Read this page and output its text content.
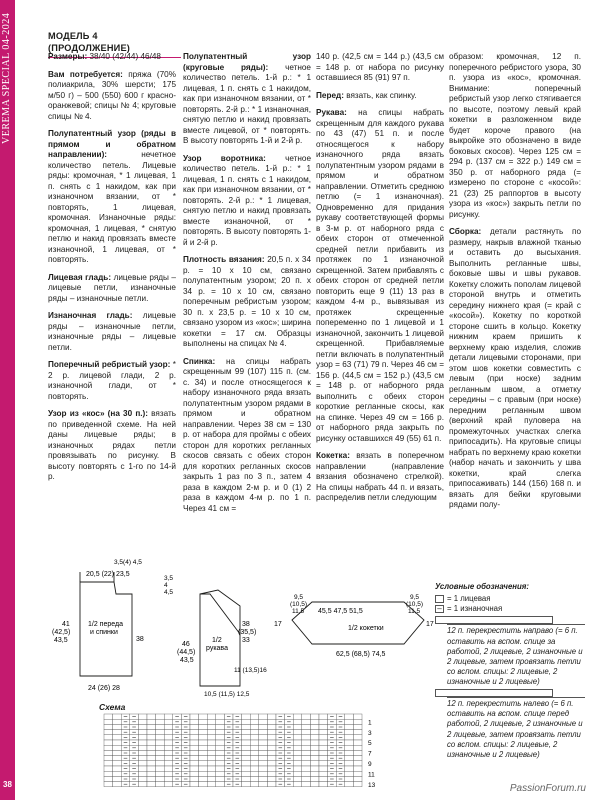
VEREMA SPECIAL 04-2024
38
МОДЕЛЬ 4 (ПРОДОЛЖЕНИЕ)

Размеры: 38/40 (42/44) 46/48

Вам потребуется: пряжа (70% полиакрила, 30% шерсти; 175 м/50 г) – 500 (550) 600 г красно-оранжевой; спицы № 4; круговые спицы № 4.

Полупатентный узор (ряды в прямом и обратном направлении): нечетное количество петель. Лицевые ряды: кромочная, * 1 лицевая, 1 п. снять с 1 накидом, как при изнаночном вязании, от * повторять, 1 лицевая, кромочная. Изнаночные ряды: кромочная, 1 лицевая, * снятую петлю и накид провязать вместе изнаночной, 1 лицевая, от * повторять.

Лицевая гладь: лицевые ряды – лицевые петли, изнаночные ряды – изнаночные петли.

Изнаночная гладь: лицевые ряды – изнаночные петли, изнаночные ряды – лицевые петли.

Поперечный ребристый узор: * 2 р. лицевой глади, 2 р. изнаночной глади, от * повторять.

Узор из «кос» (на 30 п.): вязать по приведенной схеме. На ней даны лицевые ряды; в изнаночных рядах петли провязывать по рисунку. В высоту повторять с 1-го по 14-й р.

Полупатентный узор (круговые ряды): четное количество петель. 1-й р.: * 1 лицевая, 1 п. снять с 1 накидом, как при изнаночном вязании, от * повторять. 2-й р.: * 1 изнаночная, снятую петлю и накид провязать вместе лицевой, от * повторять. В высоту повторять 1-й и 2-й р.

Узор воротника: четное количество петель. 1-й р.: * 1 лицевая, 1 п. снять с 1 накидом, как при изнаночном вязании, от * повторять. 2-й р.: * 1 лицевая, снятую петлю и накид провязать вместе изнаночной, от * повторять. В высоту повторять 1-й и 2-й р.

Плотность вязания: 20,5 п. x 34 р. = 10 x 10 см, связано полупатентным узором; 20 п. x 34 р. = 10 x 10 см, связано поперечным ребристым узором; 30 п. x 23,5 р. = 10 x 10 см, связано узором из «кос»; ширина кокетки = 17 см. Образцы выполнены на спицах № 4.

Спинка: на спицы набрать скрещенным 99 (107) 115 п. (см. с. 34) и после относящегося к набору изнаночного ряда вязать полупатентным узором рядами в прямом и обратном направлении. Через 38 см = 130 р. от набора для проймы с обеих сторон для коротких регланных скосов связать с обеих сторон для коротких регланных скосов закрыть 1 раз по 3 п., затем 4 раза в каждом 2-м р. и 0 (1) 2 раза в каждом 4-м р. по 1 п. Через 41 см =

140 р. (42,5 см = 144 р.) (43,5 см = 148 р. от набора по рисунку оставшиеся 85 (91) 97 п.

Перед: вязать, как спинку.

Рукава: на спицы набрать скрещенным для каждого рукава по 43 (47) 51 п. и после относящегося к набору изнаночного ряда вязать полупатентным узором рядами в прямом и обратном направлении. Отметить среднюю петлю (= 1 изнаночная). Одновременно для придания рукаву соответствующей формы в 3-м р. от наборного ряда с обеих сторон от отмеченной средней петли прибавить из протяжек по 1 изнаночной скрещенной. Затем прибавлять с обеих сторон от средней петли повторить еще 9 (11) 13 раз в каждом 4-м р., вывязывая из протяжек скрещенные попеременно по 1 лицевой и 1 изнаночной, закончить 1 лицевой скрещенной. Прибавляемые петли включать в полупатентный узор = 63 (71) 79 п. Через 46 см = 156 р. (44,5 см = 152 р.) (43,5 см = 148 р. от наборного ряда выполнить с обеих сторон короткие регланные скосы, как на спинке. Через 49 см = 166 р. от наборного ряда закрыть по рисунку оставшихся 49 (55) 61 п.

Кокетка: вязать в поперечном направлении (направление вязания обозначено стрелкой). На спицы набрать 44 п. и вязать, распределив петли следующим

образом: кромочная, 12 п. поперечного ребристого узора, 30 п. узора из «кос», кромочная. Внимание: поперечный ребристый узор легко стягивается по высоте, поэтому левый край кокетки в разложенном виде будет короче правого (на выкройке это обозначено в виде боковых скосов). Через 125 см = 294 р. (137 см = 322 р.) 149 см = 350 р. от наборного ряда (= измерено по стороне с «косой»: 21 (23) 25 раппортов в высоту узора из «кос») закрыть петли по рисунку.

Сборка: детали растянуть по размеру, накрыв влажной тканью и оставить до высыхания. Выполнить регланные швы, боковые швы и швы рукавов. Кокетку сложить пополам лицевой стороной внутрь и отметить середину нижнего края (= край с «косой»). Кокетку по короткой стороне сшить в кольцо. Кокетку нижним краем пришить к верхнему краю изделия, сложив детали лицевыми сторонами, при этом шов кокетки совместить с левым (при носке) задним регланным швом, а отметку середины – с правым (при носке) передним регланным швом (верхний край пуловера на промежуточных участках слегка припосадить). На круговые спицы набрать по верхнему краю кокетки (набор начать и закончить у шва кокетки, край слегка припосаживать) 144 (156) 168 п. и вязать для бейки круговыми рядами полу-

20,5 (22) 23,5
3,5(4) 4,5
41 (42,5) 43,5	38
1/2 переда и спинки
24 (26) 28
3,5 4 4,5
46 (44,5) 43,5
1/2 рукава
38 (35,5) 33
11 (13,5)16
10,5 (11,5) 12,5
9,5 (10,5) 11,5	45,5 47,5 51,5
1/2 кокетки
17
9,5 (10,5) 11,5
17
62,5 (68,5) 74,5
Схема
13
11
9
7
5
3
1
Условные обозначения:
= 1 лицевая
– = 1 изнаночная
12 п. перекрестить направо (= 6 п. оставить на вспом. спице за работой, 2 лицевые, 2 изнаночные и 2 лицевые, затем провязать петли со вспом. спицы: 2 лицевые, 2 изнаночные и 2 лицевые)
12 п. перекрестить налево (= 6 п. оставить на вспом. спице перед работой, 2 лицевые, 2 изнаночные и 2 лицевые, затем провязать петли со вспом. спицы: 2 лицевые, 2 изнаночные и 2 лицевые)
PassionForum.ru
